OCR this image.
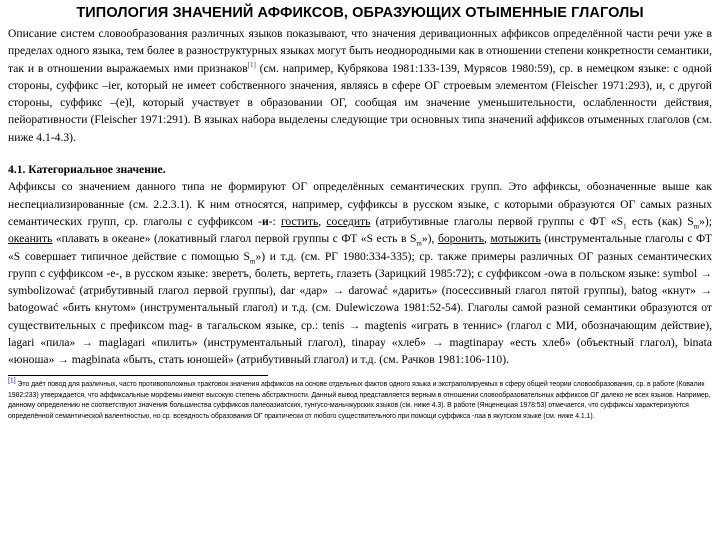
ТИПОЛОГИЯ ЗНАЧЕНИЙ АФФИКСОВ, ОБРАЗУЮЩИХ ОТЫМЕННЫЕ ГЛАГОЛЫ

Описание систем словообразования различных языков показывают, что значения деривационных аффиксов определённой части речи уже в пределах одного языка, тем более в разноструктурных языках могут быть неоднородными как в отношении степени конкретности семантики, так и в отношении выражаемых ими признаков[1] (см. например, Кубрякова 1981:133-139, Мурясов 1980:59), ср. в немецком языке: с одной стороны, суффикс –ier, который не имеет собственного значения, являясь в сфере ОГ строевым элементом (Fleischer 1971:293), и, с другой стороны, суффикс –(e)l, который участвует в образовании ОГ, сообщая им значение уменьшительности, ослабленности действия, пейоративности (Fleischer 1971:291). В языках набора выделены следующие три основных типа значений аффиксов отыменных глаголов (см. ниже 4.1-4.3).

4.1. Категориальное значение.

Аффиксы со значением данного типа не формируют ОГ определённых семантических групп. Это аффиксы, обозначенные выше как неспециализированные (см. 2.2.3.1). К ним относятся, например, суффиксы в русском языке, с которыми образуются ОГ самых разных семантических групп, ср. глаголы с суффиксом -и-: гостить, соседить (атрибутивные глаголы первой группы с ФТ «$S_1$ есть (как) $S_m$»); океанить «плавать в океане» (локативный глагол первой группы с ФТ «S есть в $S_m$»), боронить, мотыжить (инструментальные глаголы с ФТ «S совершает типичное действие с помощью $S_m$») и т.д. (см. РГ 1980:334-335); ср. также примеры различных ОГ разных семантических групп с суффиксом -e-, в русском языке: зверетъ, болеть, вертеть, глазеть (Зарицкий 1985:72); с суффиксом -owa в польском языке: symbol → symbolizować (атрибутивный глагол первой группы), dar «дар» → darować «дарить» (посессивный глагол пятой группы), batog «кнут» → batogować «бить кнутом» (инструментальный глагол) и т.д. (см. Dulewiczowa 1981:52-54). Глаголы самой разной семантики образуются от существительных с префиксом mag- в тагальском языке, ср.: tenis → magtenis «играть в теннис» (глагол с МИ, обозначающим действие), lagari «пила» → maglagari «пилить» (инструментальный глагол), tinapay «хлеб» → magtinapay «есть хлеб» (объектный глагол), binata «юноша» → magbinata «быть, стать юношей» (атрибутивный глагол) и т.д. (см. Рачков 1981:106-110).

[1] Это даёт повод для различных, часто противоположных трактовок значения аффиксов на основе отдельных фактов одного языка и экстраполируемых в сферу общей теории словообразования, ср. в работе (Ковалик 1982:233) утверждается, что аффиксальные морфемы имеют высокую степень абстрактности. Данный вывод представляется верным в отношении словообразовательных аффиксов ОГ далеко не всех языков. Например, данному определению не соответствуют значения большинства суффиксов палеоазиатских, тунгусо-маньчжурских языков (см. ниже 4.3). В работе (Янценецкая 1978:53) отмечается, что суффиксы характеризуются определённой семантической валентностью, но ср. всеядность образования ОГ практически от любого существительного при помощи суффикса -лаа в якутском языке (см. ниже 4.1.1).
